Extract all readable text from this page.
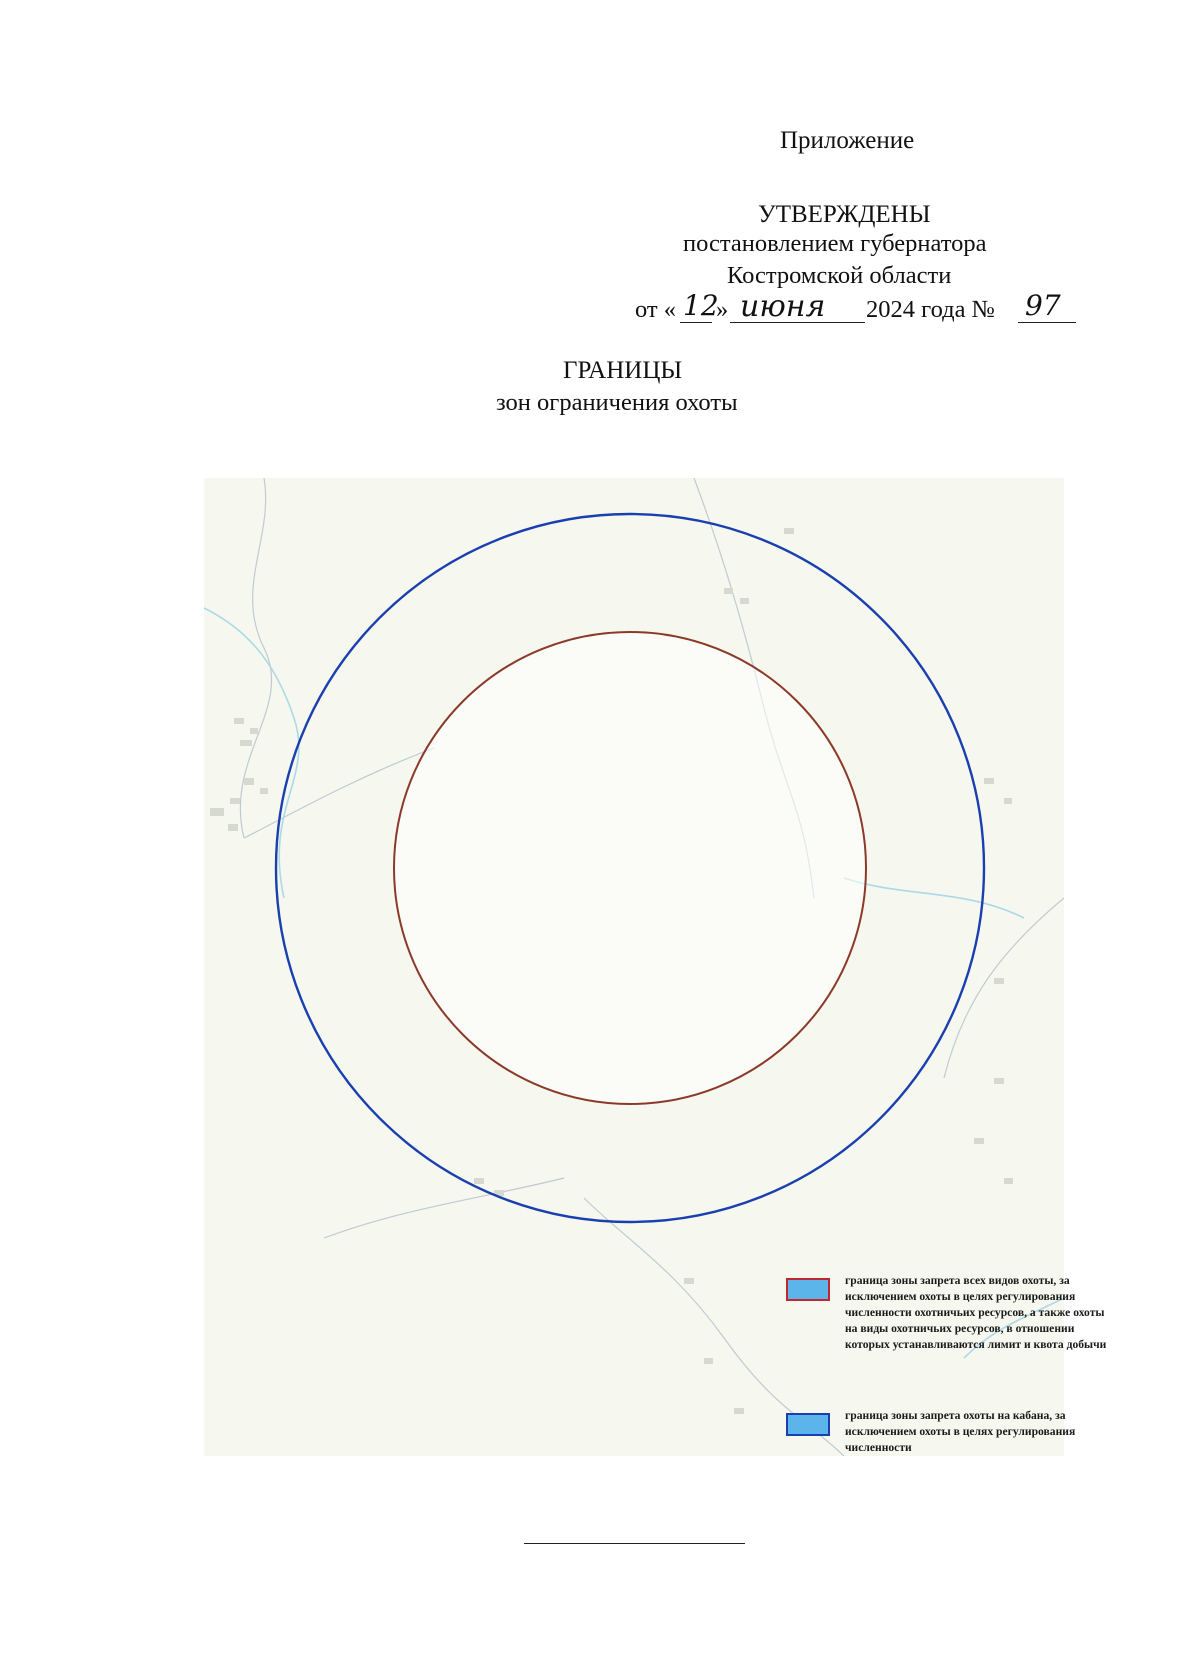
Приложение
УТВЕРЖДЕНЫ
постановлением губернатора
Костромской области
от « 12
» июня 2024 года № 97
ГРАНИЦЫ
зон ограничения охоты
граница зоны запрета всех видов охоты, за исключением охоты в целях регулирования численности охотничьих ресурсов, а также охоты на виды охотничьих ресурсов, в отношении которых устанавливаются лимит и квота добычи
граница зоны запрета охоты на кабана, за исключением охоты в целях регулирования численности
